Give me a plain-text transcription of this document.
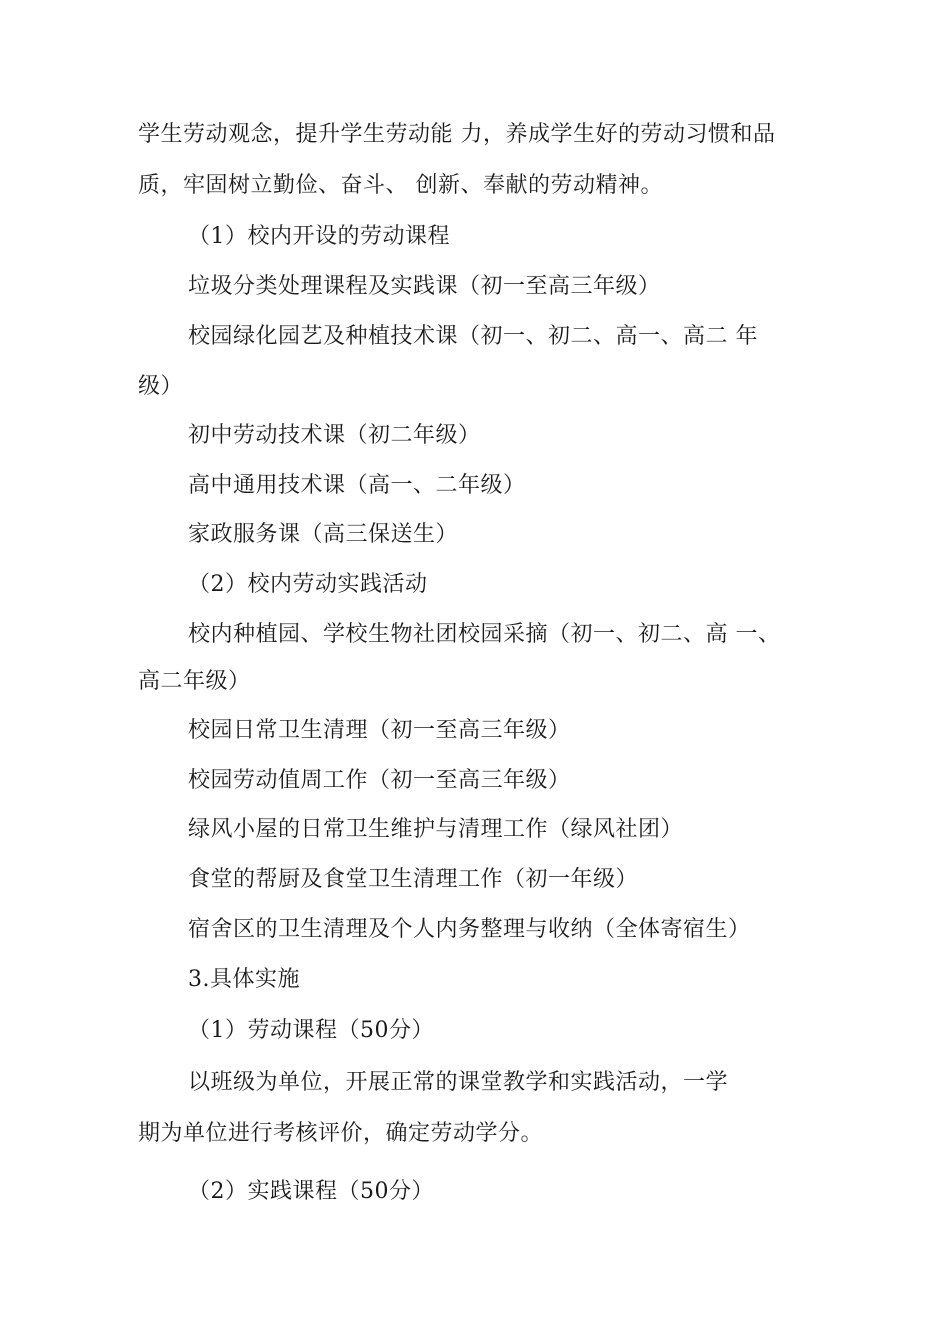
学生劳动观念，提升学生劳动能 力，养成学生好的劳动习惯和品
质，牢固树立勤俭、奋斗、 创新、奉献的劳动精神。
（1）校内开设的劳动课程
垃圾分类处理课程及实践课（初一至高三年级）
校园绿化园艺及种植技术课（初一、初二、高一、高二 年
级）
初中劳动技术课（初二年级）
高中通用技术课（高一、二年级）
家政服务课（高三保送生）
（2）校内劳动实践活动
校内种植园、学校生物社团校园采摘（初一、初二、高 一、
高二年级）
校园日常卫生清理（初一至高三年级）
校园劳动值周工作（初一至高三年级）
绿风小屋的日常卫生维护与清理工作（绿风社团）
食堂的帮厨及食堂卫生清理工作（初一年级）
宿舍区的卫生清理及个人内务整理与收纳（全体寄宿生）
3.具体实施
（1）劳动课程（50分）
以班级为单位，开展正常的课堂教学和实践活动，一学
期为单位进行考核评价，确定劳动学分。
（2）实践课程（50分）
